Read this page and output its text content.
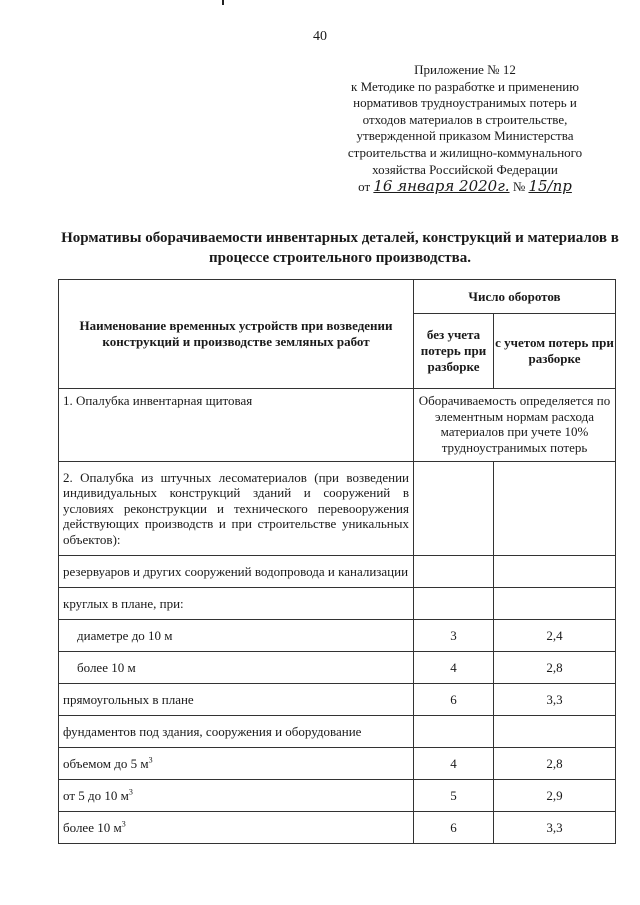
40
Приложение № 12
к Методике по разработке и применению
нормативов трудноустранимых потерь и
отходов материалов в строительстве,
утвержденной приказом Министерства
строительства и жилищно-коммунального
хозяйства Российской Федерации
от 16 января 2020г. № 15/пр
Нормативы оборачиваемости инвентарных деталей, конструкций и материалов в процессе строительного производства.
Наименование временных устройств при возведении конструкций и производстве земляных работ	Число оборотов	
	без учета потерь при разборке	с учетом потерь при разборке
1. Опалубка инвентарная щитовая	Оборачиваемость определяется по элементным нормам расхода материалов при учете 10% трудноустранимых потерь	
2. Опалубка из штучных лесоматериалов (при возведении индивидуальных конструкций зданий и сооружений в условиях реконструкции и технического перевооружения действующих производств и при строительстве уникальных объектов):		
резервуаров и других сооружений водопровода и канализации		
круглых в плане, при:		
диаметре до 10 м	3	2,4
более 10 м	4	2,8
прямоугольных в плане	6	3,3
фундаментов под здания, сооружения и оборудование		
объемом до 5 $м^3$	4	2,8
от 5 до 10 $м^3$	5	2,9
более 10 $м^3$	6	3,3
